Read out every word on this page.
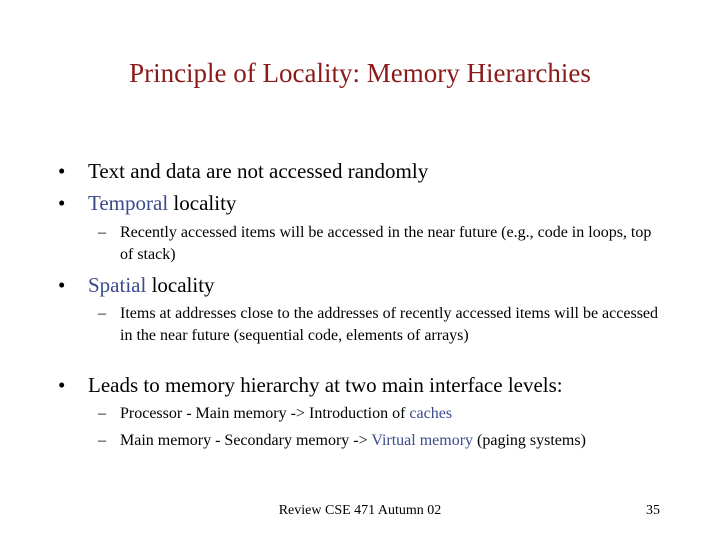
Principle of Locality: Memory Hierarchies
• Text and data are not accessed randomly
• Temporal locality
– Recently accessed items will be accessed in the near future (e.g., code in loops, top of stack)
• Spatial locality
– Items at addresses close to the addresses of recently accessed items will be accessed in the near future (sequential code, elements of arrays)
• Leads to memory hierarchy at two main interface levels:
– Processor - Main memory -> Introduction of caches
– Main memory - Secondary memory -> Virtual memory (paging systems)
Review CSE 471 Autumn 02	35
